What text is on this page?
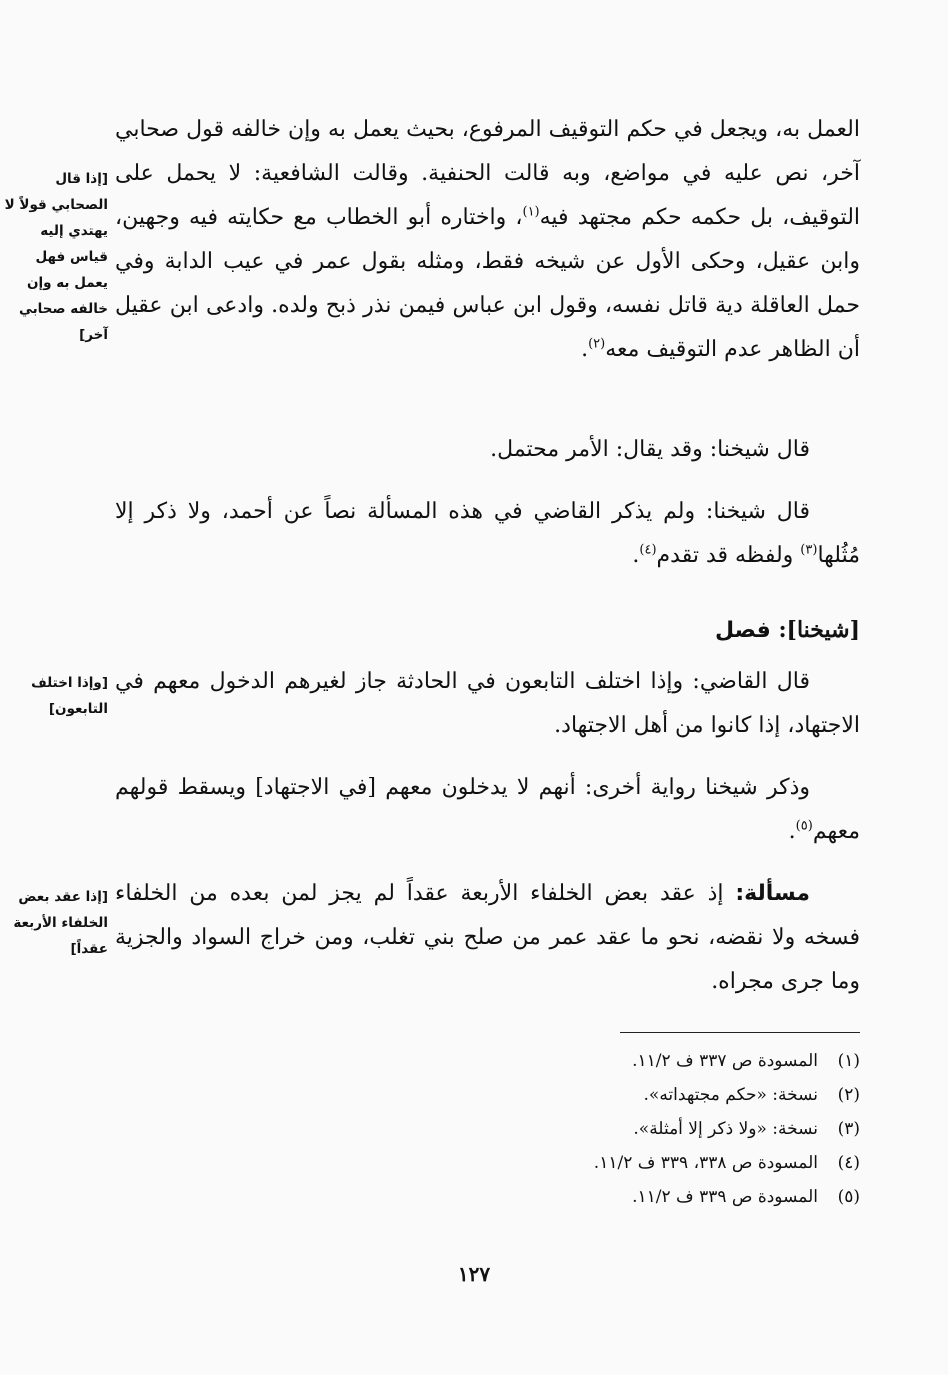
العمل به، ويجعل في حكم التوقيف المرفوع، بحيث يعمل به وإن خالفه قول صحابي آخر، نص عليه في مواضع، وبه قالت الحنفية. وقالت الشافعية: لا يحمل على التوقيف، بل حكمه حكم مجتهد فيه$^{(١)}$، واختاره أبو الخطاب مع حكايته فيه وجهين، وابن عقيل، وحكى الأول عن شيخه فقط، ومثله بقول عمر في عيب الدابة وفي حمل العاقلة دية قاتل نفسه، وقول ابن عباس فيمن نذر ذبح ولده. وادعى ابن عقيل أن الظاهر عدم التوقيف معه$^{(٢)}$.

قال شيخنا: وقد يقال: الأمر محتمل.

قال شيخنا: ولم يذكر القاضي في هذه المسألة نصاً عن أحمد، ولا ذكر إلا مُثُلها$^{(٣)}$ ولفظه قد تقدم$^{(٤)}$.

[شيخنا]: فصل

قال القاضي: وإذا اختلف التابعون في الحادثة جاز لغيرهم الدخول معهم في الاجتهاد، إذا كانوا من أهل الاجتهاد.

وذكر شيخنا رواية أخرى: أنهم لا يدخلون معهم [في الاجتهاد] ويسقط قولهم معهم$^{(٥)}$.

مسألة: إذ عقد بعض الخلفاء الأربعة عقداً لم يجز لمن بعده من الخلفاء فسخه ولا نقضه، نحو ما عقد عمر من صلح بني تغلب، ومن خراج السواد والجزية وما جرى مجراه.

[إذا قال الصحابي قولاً لا يهتدي إليه قياس فهل يعمل به وإن خالفه صحابي آخر]
[وإذا اختلف التابعون]
[إذا عقد بعض الخلفاء الأربعة عقداً]
(١)المسودة ص ٣٣٧ ف ١١/٢.
(٢)نسخة: «حكم مجتهداته».
(٣)نسخة: «ولا ذكر إلا أمثلة».
(٤)المسودة ص ٣٣٨، ٣٣٩ ف ١١/٢.
(٥)المسودة ص ٣٣٩ ف ١١/٢.
١٢٧
